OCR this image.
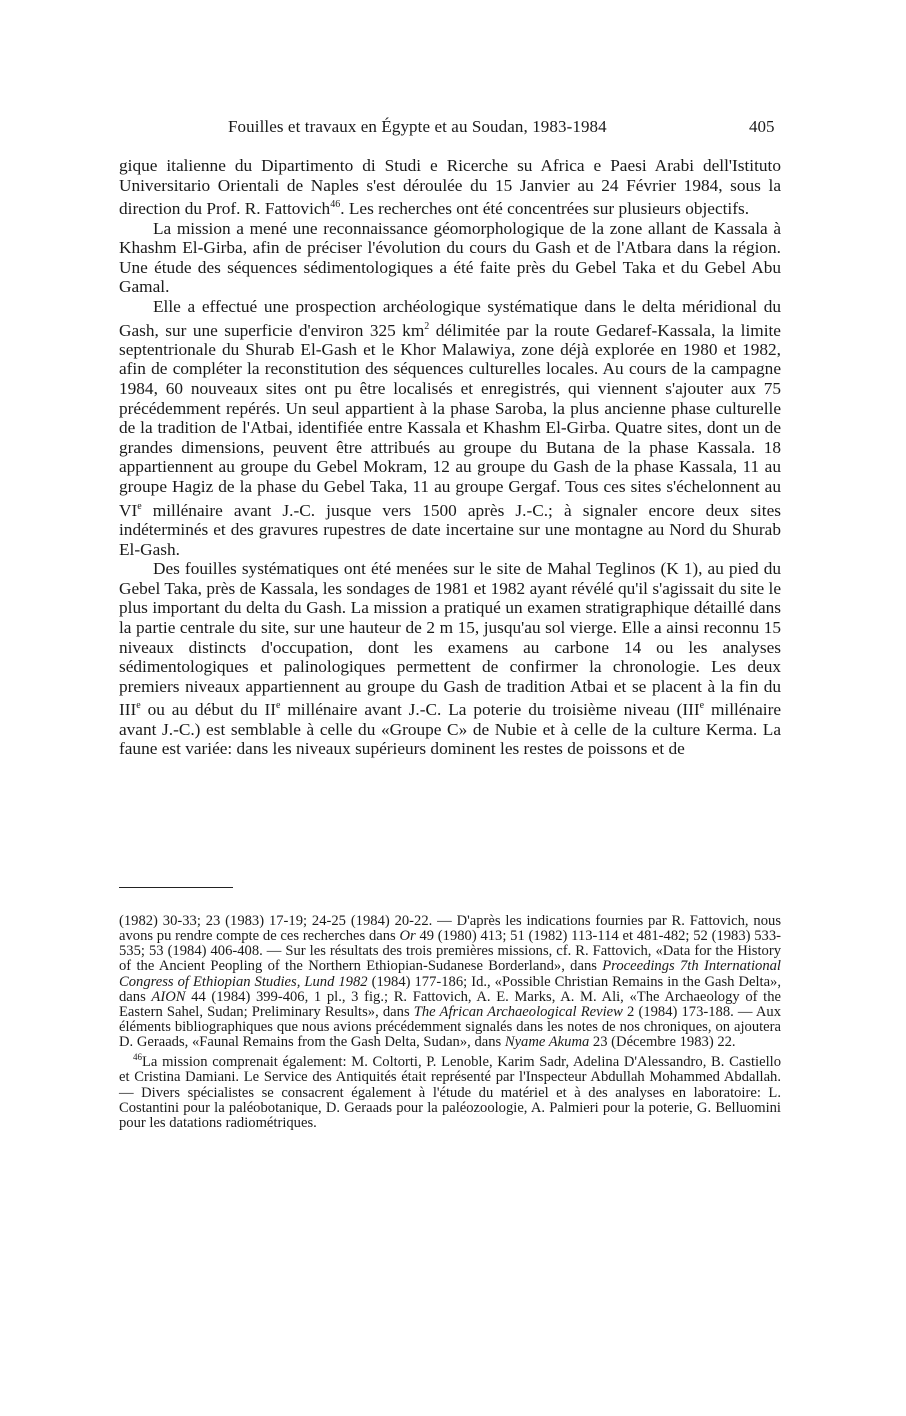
Fouilles et travaux en Égypte et au Soudan, 1983-1984	405

gique italienne du Dipartimento di Studi e Ricerche su Africa e Paesi Arabi dell'Istituto Universitario Orientali de Naples s'est déroulée du 15 Janvier au 24 Février 1984, sous la direction du Prof. R. Fattovich$^{46}$. Les recherches ont été concentrées sur plusieurs objectifs.

La mission a mené une reconnaissance géomorphologique de la zone allant de Kassala à Khashm El-Girba, afin de préciser l'évolution du cours du Gash et de l'Atbara dans la région. Une étude des séquences sédimentologiques a été faite près du Gebel Taka et du Gebel Abu Gamal.

Elle a effectué une prospection archéologique systématique dans le delta méridional du Gash, sur une superficie d'environ 325 $km^2$ délimitée par la route Gedaref-Kassala, la limite septentrionale du Shurab El-Gash et le Khor Malawiya, zone déjà explorée en 1980 et 1982, afin de compléter la reconstitution des séquences culturelles locales. Au cours de la campagne 1984, 60 nouveaux sites ont pu être localisés et enregistrés, qui viennent s'ajouter aux 75 précédemment repérés. Un seul appartient à la phase Saroba, la plus ancienne phase culturelle de la tradition de l'Atbai, identifiée entre Kassala et Khashm El-Girba. Quatre sites, dont un de grandes dimensions, peuvent être attribués au groupe du Butana de la phase Kassala. 18 appartiennent au groupe du Gebel Mokram, 12 au groupe du Gash de la phase Kassala, 11 au groupe Hagiz de la phase du Gebel Taka, 11 au groupe Gergaf. Tous ces sites s'échelonnent au VIe millénaire avant J.-C. jusque vers 1500 après J.-C.; à signaler encore deux sites indéterminés et des gravures rupestres de date incertaine sur une montagne au Nord du Shurab El-Gash.

Des fouilles systématiques ont été menées sur le site de Mahal Teglinos (K 1), au pied du Gebel Taka, près de Kassala, les sondages de 1981 et 1982 ayant révélé qu'il s'agissait du site le plus important du delta du Gash. La mission a pratiqué un examen stratigraphique détaillé dans la partie centrale du site, sur une hauteur de 2 m 15, jusqu'au sol vierge. Elle a ainsi reconnu 15 niveaux distincts d'occupation, dont les examens au carbone 14 ou les analyses sédimentologiques et palinologiques permettent de confirmer la chronologie. Les deux premiers niveaux appartiennent au groupe du Gash de tradition Atbai et se placent à la fin du IIIe ou au début du IIe millénaire avant J.-C. La poterie du troisième niveau (IIIe millénaire avant J.-C.) est semblable à celle du «Groupe C» de Nubie et à celle de la culture Kerma. La faune est variée: dans les niveaux supérieurs dominent les restes de poissons et de

(1982) 30-33; 23 (1983) 17-19; 24-25 (1984) 20-22. — D'après les indications fournies par R. Fattovich, nous avons pu rendre compte de ces recherches dans Or 49 (1980) 413; 51 (1982) 113-114 et 481-482; 52 (1983) 533-535; 53 (1984) 406-408. — Sur les résultats des trois premières missions, cf. R. Fattovich, «Data for the History of the Ancient Peopling of the Northern Ethiopian-Sudanese Borderland», dans Proceedings 7th International Congress of Ethiopian Studies, Lund 1982 (1984) 177-186; Id., «Possible Christian Remains in the Gash Delta», dans AION 44 (1984) 399-406, 1 pl., 3 fig.; R. Fattovich, A. E. Marks, A. M. Ali, «The Archaeology of the Eastern Sahel, Sudan; Preliminary Results», dans The African Archaeological Review 2 (1984) 173-188. — Aux éléments bibliographiques que nous avions précédemment signalés dans les notes de nos chroniques, on ajoutera D. Geraads, «Faunal Remains from the Gash Delta, Sudan», dans Nyame Akuma 23 (Décembre 1983) 22.

$^{46}$La mission comprenait également: M. Coltorti, P. Lenoble, Karim Sadr, Adelina D'Alessandro, B. Castiello et Cristina Damiani. Le Service des Antiquités était représenté par l'Inspecteur Abdullah Mohammed Abdallah. — Divers spécialistes se consacrent également à l'étude du matériel et à des analyses en laboratoire: L. Costantini pour la paléobotanique, D. Geraads pour la paléozoologie, A. Palmieri pour la poterie, G. Belluomini pour les datations radiométriques.
